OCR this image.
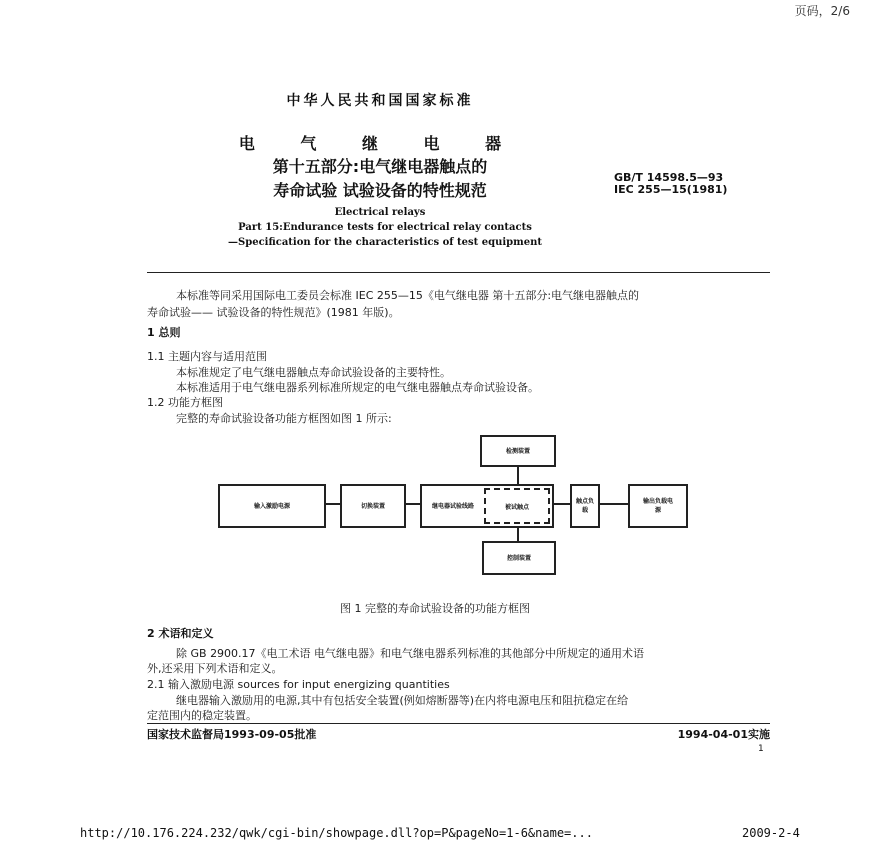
页码，2/6
中华人民共和国国家标准
电 气 继 电 器
第十五部分:电气继电器触点的
寿命试验 试验设备的特性规范
GB/T 14598.5—93
IEC 255—15(1981)
Electrical relays
Part 15:Endurance tests for electrical relay contacts
—Specification for the characteristics of test equipment
本标准等同采用国际电工委员会标准 IEC 255—15《电气继电器 第十五部分:电气继电器触点的
寿命试验—— 试验设备的特性规范》(1981 年版)。
1 总则
1.1 主题内容与适用范围
本标准规定了电气继电器触点寿命试验设备的主要特性。
本标准适用于电气继电器系列标准所规定的电气继电器触点寿命试验设备。
1.2 功能方框图
完整的寿命试验设备功能方框图如图 1 所示:
检测装置
输入激励电源	切换装置	继电器试验线路	被试触点
触点负载
输出负载电源
控制装置
图 1 完整的寿命试验设备的功能方框图
2 术语和定义
除 GB 2900.17《电工术语 电气继电器》和电气继电器系列标准的其他部分中所规定的通用术语
外,还采用下列术语和定义。
2.1 输入激励电源 sources for input energizing quantities
继电器输入激励用的电源,其中有包括安全装置(例如熔断器等)在内将电源电压和阻抗稳定在给
定范围内的稳定装置。
国家技术监督局1993-09-05批准	1994-04-01实施
1
http://10.176.224.232/qwk/cgi-bin/showpage.dll?op=P&pageNo=1-6&name=...	2009-2-4
